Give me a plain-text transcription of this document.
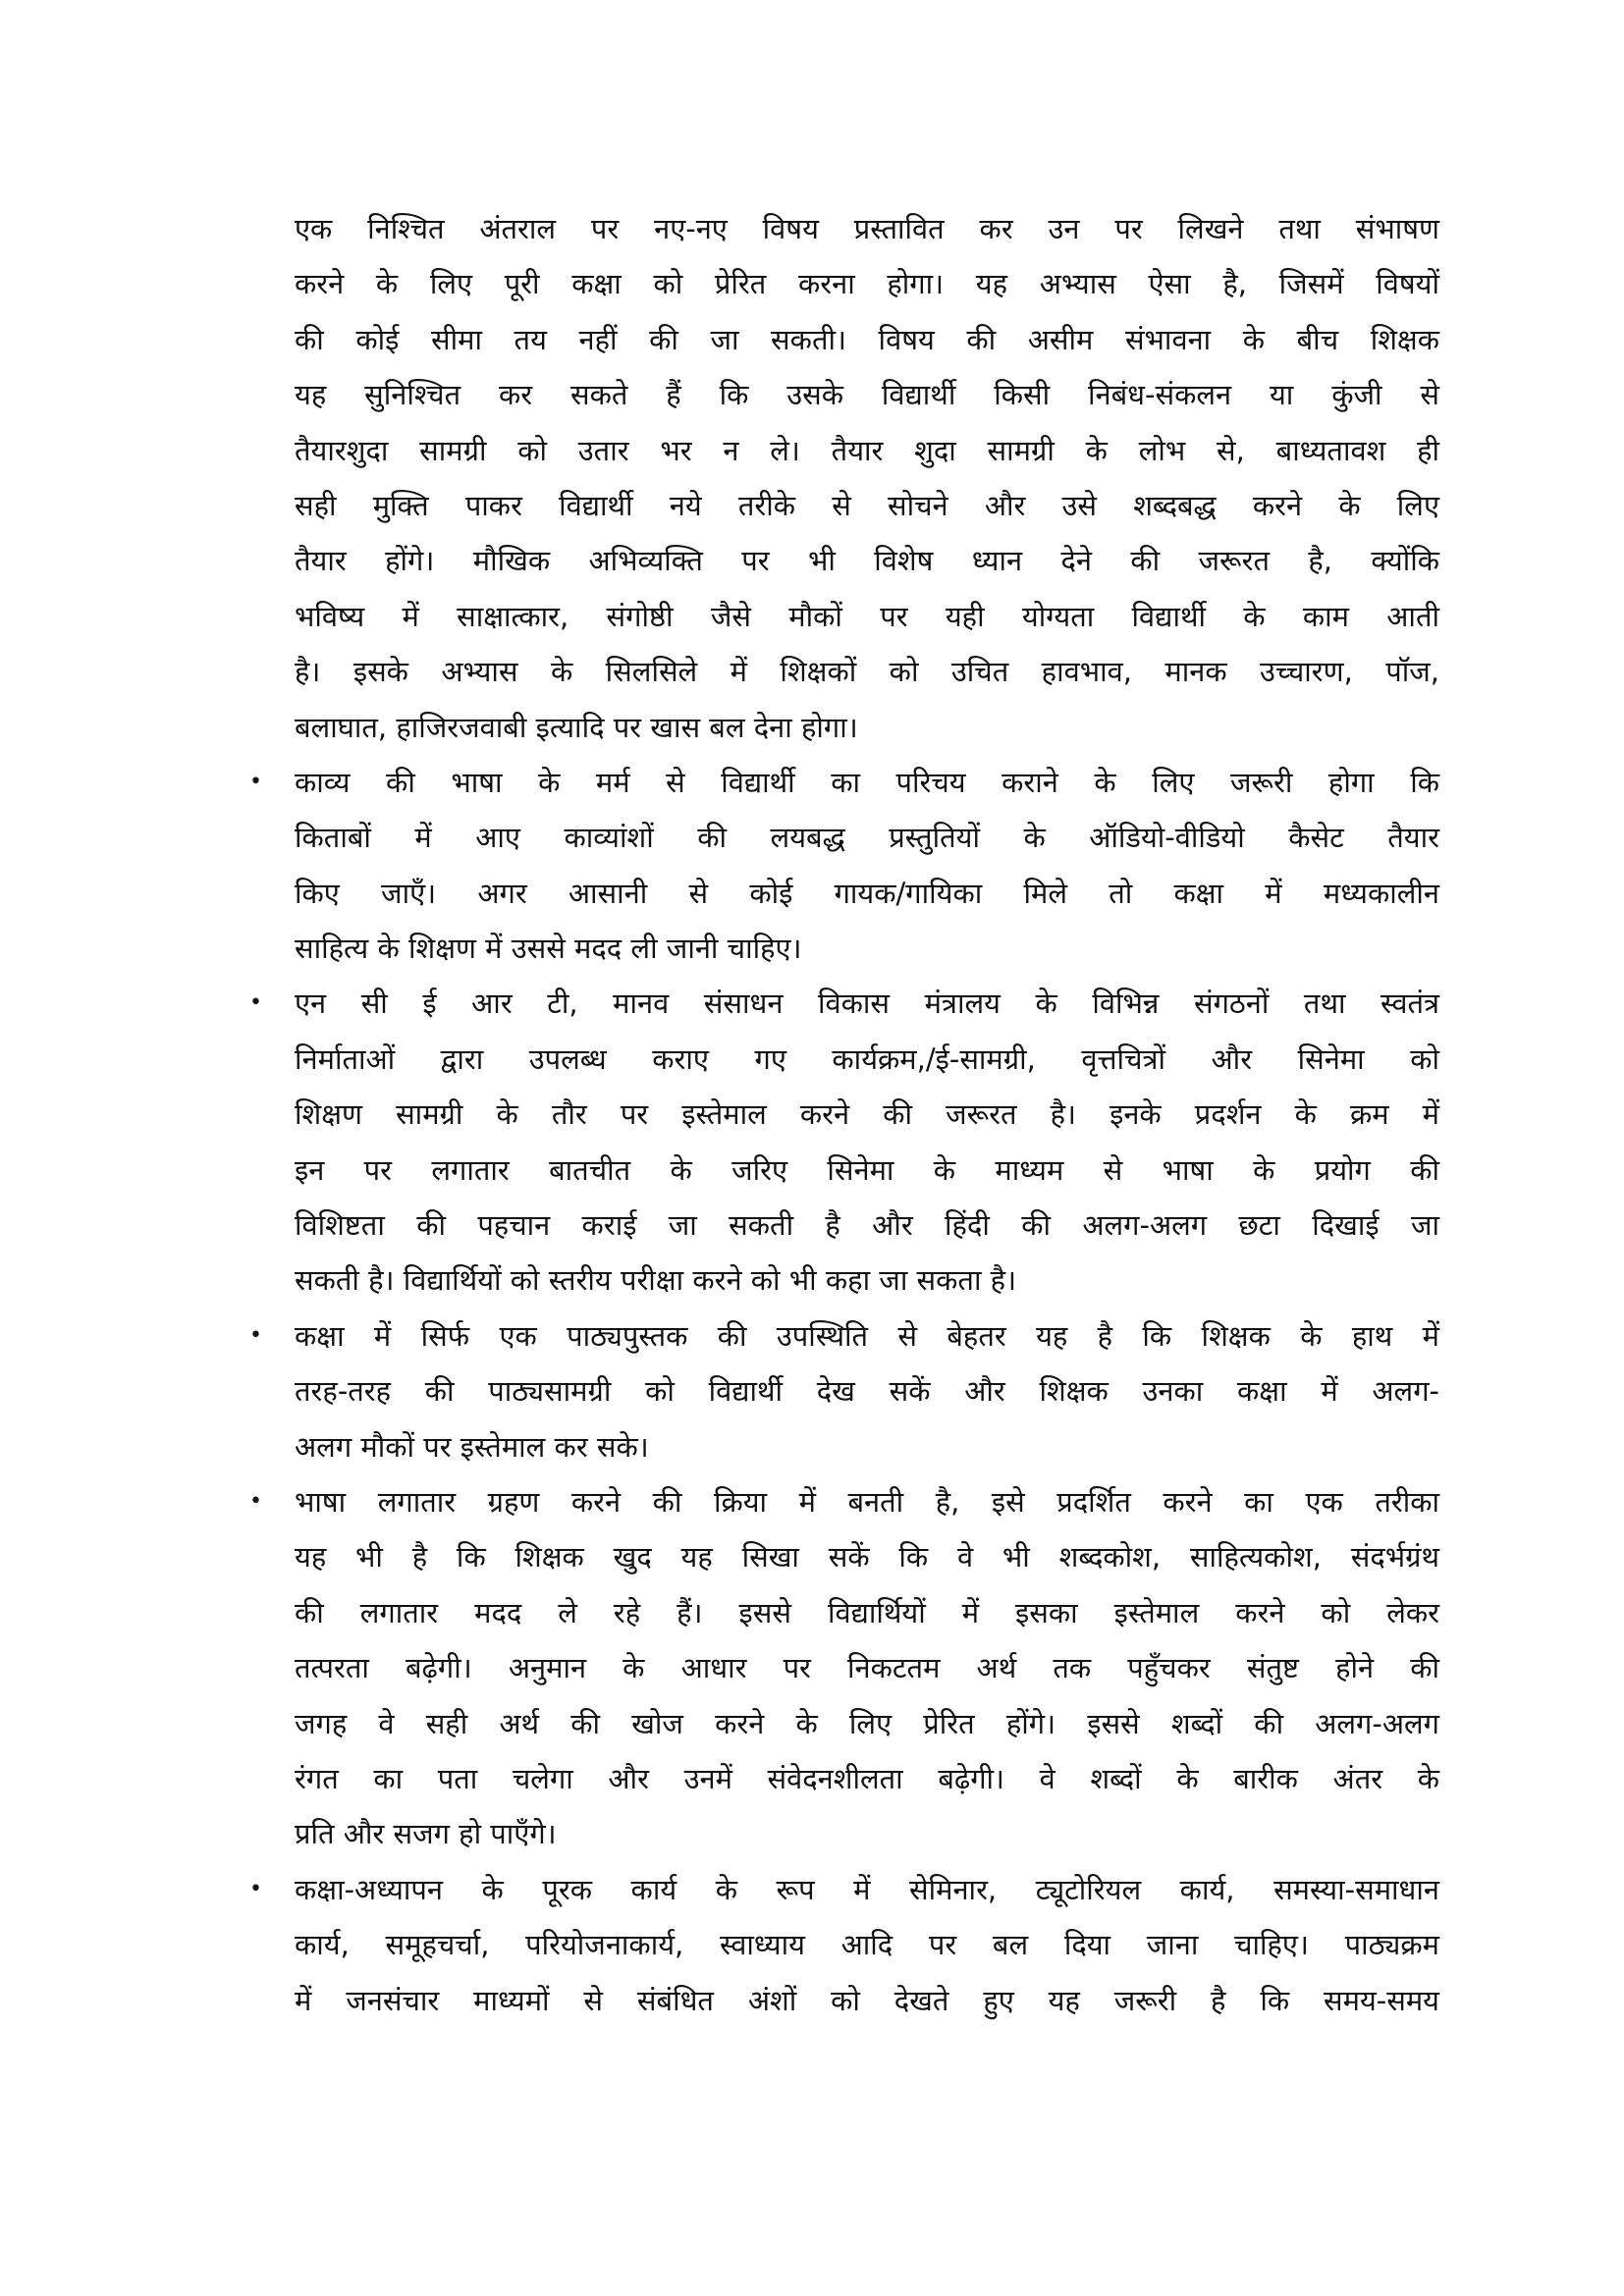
एक निश्चित अंतराल पर नए-नए विषय प्रस्तावित कर उन पर लिखने तथा संभाषण
करने के लिए पूरी कक्षा को प्रेरित करना होगा। यह अभ्यास ऐसा है, जिसमें विषयों
की कोई सीमा तय नहीं की जा सकती। विषय की असीम संभावना के बीच शिक्षक
यह सुनिश्चित कर सकते हैं कि उसके विद्यार्थी किसी निबंध-संकलन या कुंजी से
तैयारशुदा सामग्री को उतार भर न ले। तैयार शुदा सामग्री के लोभ से, बाध्यतावश ही
सही मुक्ति पाकर विद्यार्थी नये तरीके से सोचने और उसे शब्दबद्ध करने के लिए
तैयार होंगे। मौखिक अभिव्यक्ति पर भी विशेष ध्यान देने की जरूरत है, क्योंकि
भविष्य में साक्षात्कार, संगोष्ठी जैसे मौकों पर यही योग्यता विद्यार्थी के काम आती
है। इसके अभ्यास के सिलसिले में शिक्षकों को उचित हावभाव, मानक उच्चारण, पॉज,
बलाघात, हाजिरजवाबी इत्यादि पर खास बल देना होगा।
• काव्य की भाषा के मर्म से विद्यार्थी का परिचय कराने के लिए जरूरी होगा कि
किताबों में आए काव्यांशों की लयबद्ध प्रस्तुतियों के ऑडियो-वीडियो कैसेट तैयार
किए जाएँ। अगर आसानी से कोई गायक/गायिका मिले तो कक्षा में मध्यकालीन
साहित्य के शिक्षण में उससे मदद ली जानी चाहिए।
• एन सी ई आर टी, मानव संसाधन विकास मंत्रालय के विभिन्न संगठनों तथा स्वतंत्र
निर्माताओं द्वारा उपलब्ध कराए गए कार्यक्रम,/ई-सामग्री, वृत्तचित्रों और सिनेमा को
शिक्षण सामग्री के तौर पर इस्तेमाल करने की जरूरत है। इनके प्रदर्शन के क्रम में
इन पर लगातार बातचीत के जरिए सिनेमा के माध्यम से भाषा के प्रयोग की
विशिष्टता की पहचान कराई जा सकती है और हिंदी की अलग-अलग छटा दिखाई जा
सकती है। विद्यार्थियों को स्तरीय परीक्षा करने को भी कहा जा सकता है।
• कक्षा में सिर्फ एक पाठ्यपुस्तक की उपस्थिति से बेहतर यह है कि शिक्षक के हाथ में
तरह-तरह की पाठ्यसामग्री को विद्यार्थी देख सकें और शिक्षक उनका कक्षा में अलग-
अलग मौकों पर इस्तेमाल कर सके।
• भाषा लगातार ग्रहण करने की क्रिया में बनती है, इसे प्रदर्शित करने का एक तरीका
यह भी है कि शिक्षक खुद यह सिखा सकें कि वे भी शब्दकोश, साहित्यकोश, संदर्भग्रंथ
की लगातार मदद ले रहे हैं। इससे विद्यार्थियों में इसका इस्तेमाल करने को लेकर
तत्परता बढ़ेगी। अनुमान के आधार पर निकटतम अर्थ तक पहुँचकर संतुष्ट होने की
जगह वे सही अर्थ की खोज करने के लिए प्रेरित होंगे। इससे शब्दों की अलग-अलग
रंगत का पता चलेगा और उनमें संवेदनशीलता बढ़ेगी। वे शब्दों के बारीक अंतर के
प्रति और सजग हो पाएँगे।
• कक्षा-अध्यापन के पूरक कार्य के रूप में सेमिनार, ट्यूटोरियल कार्य, समस्या-समाधान
कार्य, समूहचर्चा, परियोजनाकार्य, स्वाध्याय आदि पर बल दिया जाना चाहिए। पाठ्यक्रम
में जनसंचार माध्यमों से संबंधित अंशों को देखते हुए यह जरूरी है कि समय-समय
